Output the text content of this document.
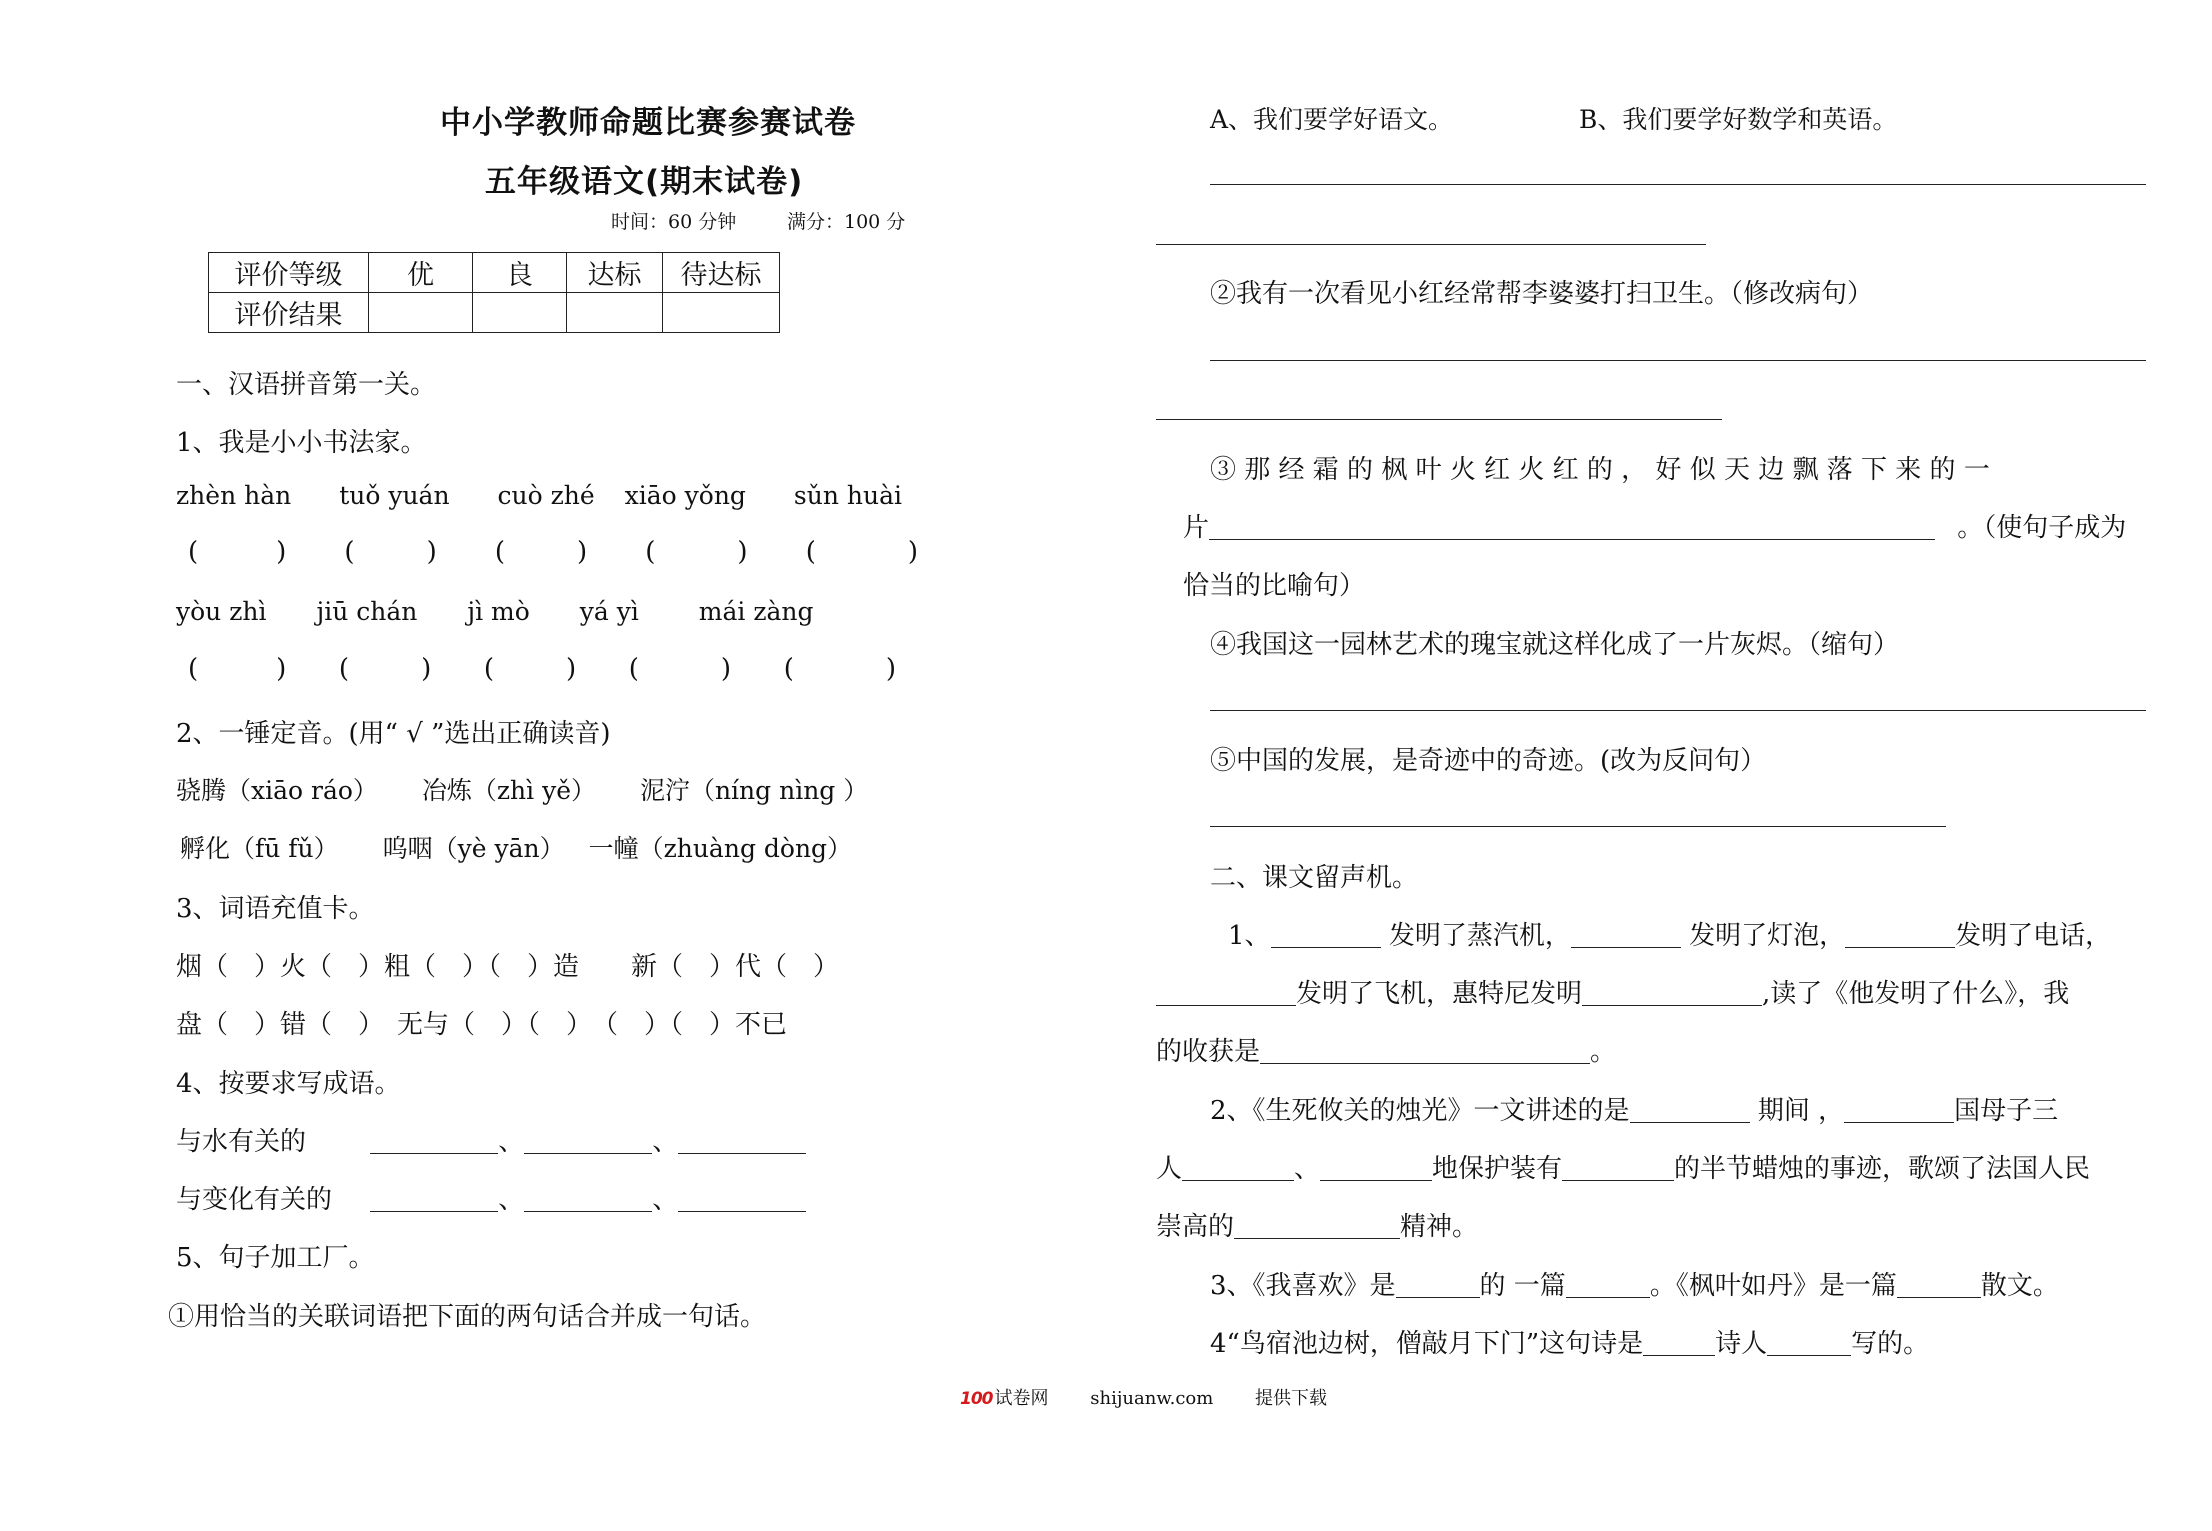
中小学教师命题比赛参赛试卷
五年级语文(期末试卷)
时间：60 分钟	满分：100 分
评价等级	优	良	达标	待达标
评价结果				
一、汉语拼音第一关。
1、我是小小书法家。
zhèn hàn tuǒ yuán cuò zhé xiāo yǒng sǔn huài
(	) (	) (	) (	) (	)
yòu zhì jiū chán jì mò yá yì mái zàng
(	) (	) (	) (	) (	)
2、一锤定音。(用“ √ ”选出正确读音)
骁腾（xiāo ráo） 冶炼（zhì yě） 泥泞（níng nìng ）
孵化（fū fǔ） 呜咽（yè yān） 一幢（zhuàng dòng）
3、词语充值卡。
烟（　）火（　）粗（　）（　）造　　新（　）代（　）
盘（　）错（　）　无与（　）（　）　（　）（　）不已
4、按要求写成语。
与水有关的	、	、
与变化有关的	、	、
5、句子加工厂。
①用恰当的关联词语把下面的两句话合并成一句话。
A、我们要学好语文。	B、我们要学好数学和英语。
②我有一次看见小红经常帮李婆婆打扫卫生。（修改病句）
③ 那 经 霜 的 枫 叶 火 红 火 红 的 ， 好 似 天 边 飘 落 下 来 的 一
片	。（使句子成为
恰当的比喻句）
④我国这一园林艺术的瑰宝就这样化成了一片灰烬。（缩句）
⑤中国的发展，是奇迹中的奇迹。(改为反问句）
二、课文留声机。
1、	发明了蒸汽机，	发明了灯泡，	发明了电话，
发明了飞机，惠特尼发明	,读了《他发明了什么》，我
的收获是	。
2、《生死攸关的烛光》一文讲述的是	期间 ，	国母子三
人	、	地保护装有	的半节蜡烛的事迹，歌颂了法国人民
崇高的	精神。
3、《我喜欢》是	的 一篇	。《枫叶如丹》是一篇	散文。
4“鸟宿池边树，僧敲月下门”这句诗是	诗人	写的。
100 试卷网 shijuanw.com 提供下载
